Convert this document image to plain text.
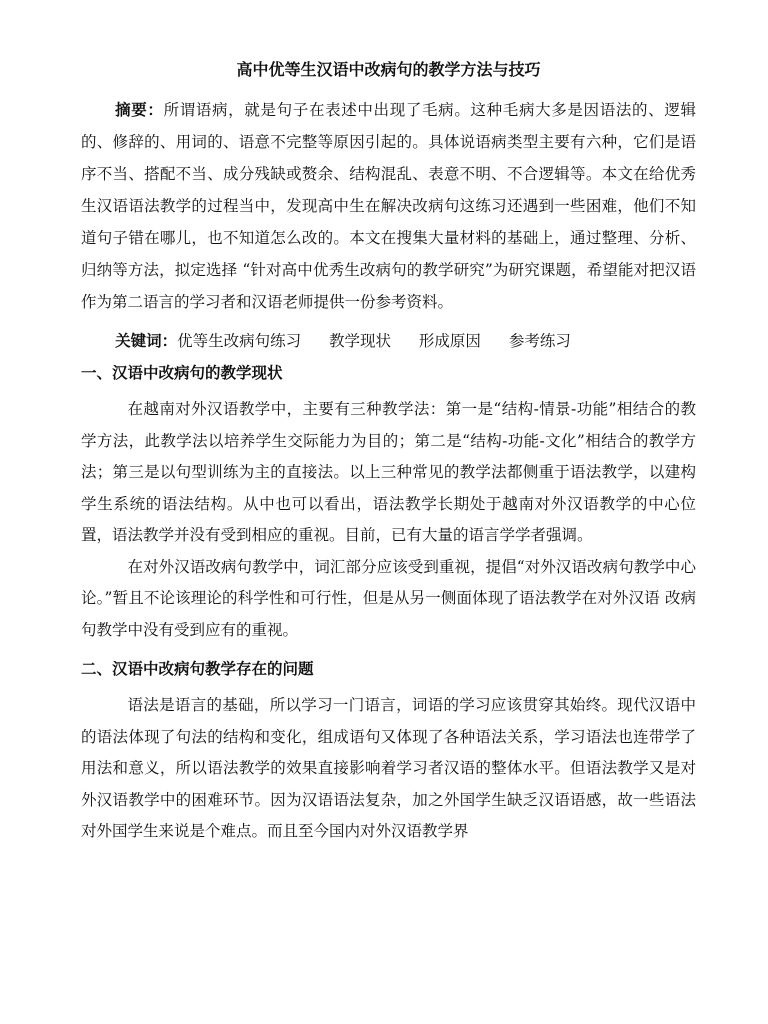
高中优等生汉语中改病句的教学方法与技巧

摘要：所谓语病，就是句子在表述中出现了毛病。这种毛病大多是因语法的、逻辑的、修辞的、用词的、语意不完整等原因引起的。具体说语病类型主要有六种，它们是语序不当、搭配不当、成分残缺或赘余、结构混乱、表意不明、不合逻辑等。本文在给优秀生汉语语法教学的过程当中，发现高中生在解决改病句这练习还遇到一些困难，他们不知道句子错在哪儿，也不知道怎么改的。本文在搜集大量材料的基础上，通过整理、分析、归纳等方法，拟定选择 “针对高中优秀生改病句的教学研究”为研究课题，希望能对把汉语作为第二语言的学习者和汉语老师提供一份参考资料。

关键词：优等生改病句练习 教学现状 形成原因 参考练习

一、汉语中改病句的教学现状

在越南对外汉语教学中，主要有三种教学法：第一是“结构-情景-功能”相结合的教学方法，此教学法以培养学生交际能力为目的；第二是“结构-功能-文化”相结合的教学方法；第三是以句型训练为主的直接法。以上三种常见的教学法都侧重于语法教学，以建构学生系统的语法结构。从中也可以看出，语法教学长期处于越南对外汉语教学的中心位置，语法教学并没有受到相应的重视。目前，已有大量的语言学学者强调。

在对外汉语改病句教学中，词汇部分应该受到重视，提倡“对外汉语改病句教学中心论。”暂且不论该理论的科学性和可行性，但是从另一侧面体现了语法教学在对外汉语 改病句教学中没有受到应有的重视。

二、汉语中改病句教学存在的问题

语法是语言的基础，所以学习一门语言，词语的学习应该贯穿其始终。现代汉语中的语法体现了句法的结构和变化，组成语句又体现了各种语法关系，学习语法也连带学了用法和意义，所以语法教学的效果直接影响着学习者汉语的整体水平。但语法教学又是对外汉语教学中的困难环节。因为汉语语法复杂，加之外国学生缺乏汉语语感，故一些语法对外国学生来说是个难点。而且至今国内对外汉语教学界
